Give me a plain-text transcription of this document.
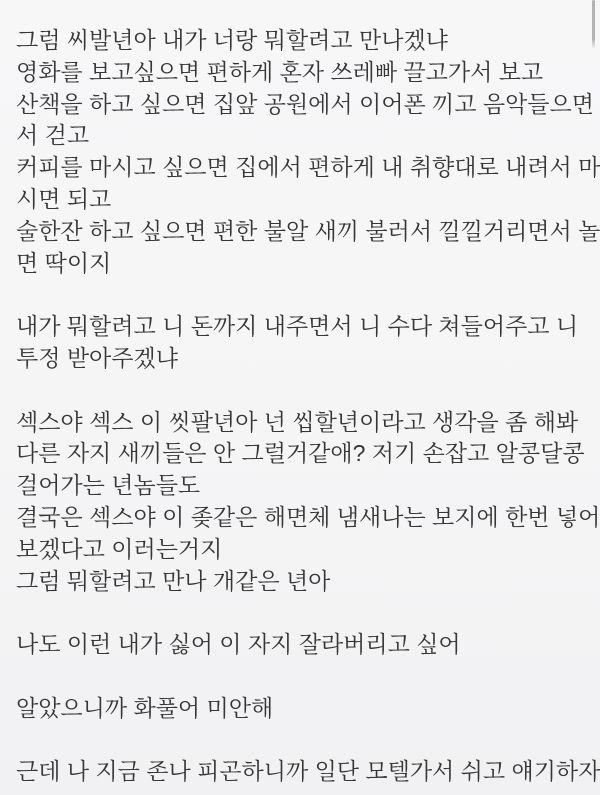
그럼 씨발년아 내가 너랑 뭐할려고 만나겠냐
영화를 보고싶으면 편하게 혼자 쓰레빠 끌고가서 보고
산책을 하고 싶으면 집앞 공원에서 이어폰 끼고 음악들으면
서 걷고
커피를 마시고 싶으면 집에서 편하게 내 취향대로 내려서 마
시면 되고
술한잔 하고 싶으면 편한 불알 새끼 불러서 낄낄거리면서 놀
면 딱이지

내가 뭐할려고 니 돈까지 내주면서 니 수다 쳐들어주고 니
투정 받아주겠냐

섹스야 섹스 이 씻팔년아 넌 씹할년이라고 생각을 좀 해봐
다른 자지 새끼들은 안 그럴거같애? 저기 손잡고 알콩달콩
걸어가는 년놈들도
결국은 섹스야 이 좆같은 해면체 냄새나는 보지에 한번 넣어
보겠다고 이러는거지
그럼 뭐할려고 만나 개같은 년아

나도 이런 내가 싫어 이 자지 잘라버리고 싶어

알았으니까 화풀어 미안해

근데 나 지금 존나 피곤하니까 일단 모텔가서 쉬고 얘기하자
